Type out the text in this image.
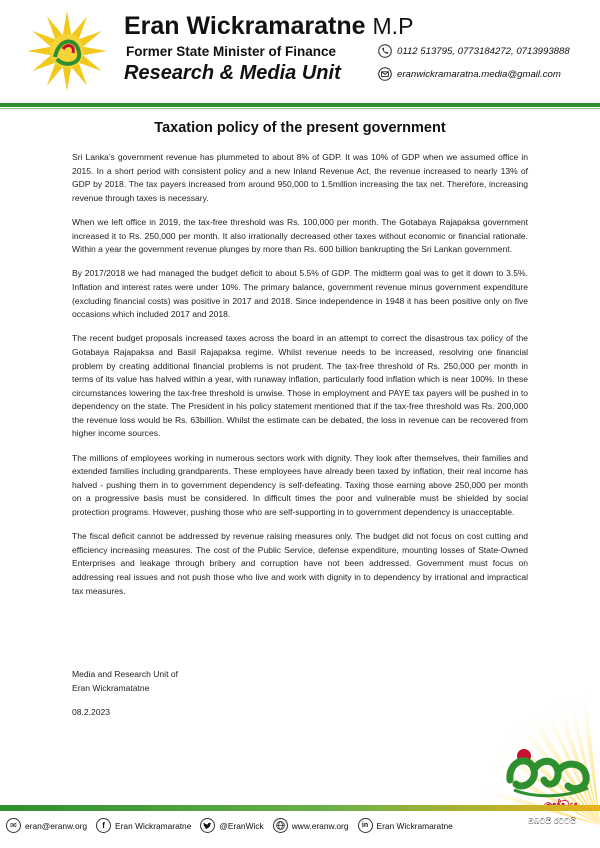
Eran Wickramaratne M.P
Former State Minister of Finance
Research & Media Unit
0112 513795, 0773184272, 0713993888
eranwickramaratna.media@gmail.com
Taxation policy of the present government

Sri Lanka’s government revenue has plummeted to about 8% of GDP. It was 10% of GDP when we assumed office in 2015. In a short period with consistent policy and a new Inland Revenue Act, the revenue increased to nearly 13% of GDP by 2018. The tax payers increased from around 950,000 to 1.5million increasing the tax net. Therefore, increasing revenue through taxes is necessary.

When we left office in 2019, the tax-free threshold was Rs. 100,000 per month. The Gotabaya Rajapaksa government increased it to Rs. 250,000 per month. It also irrationally decreased other taxes without economic or financial rationale. Within a year the government revenue plunges by more than Rs. 600 billion bankrupting the Sri Lankan government.

By 2017/2018 we had managed the budget deficit to about 5.5% of GDP. The midterm goal was to get it down to 3.5%. Inflation and interest rates were under 10%. The primary balance, government revenue minus government expenditure (excluding financial costs) was positive in 2017 and 2018. Since independence in 1948 it has been positive only on five occasions which included 2017 and 2018.

The recent budget proposals increased taxes across the board in an attempt to correct the disastrous tax policy of the Gotabaya Rajapaksa and Basil Rajapaksa regime. Whilst revenue needs to be increased, resolving one financial problem by creating additional financial problems is not prudent. The tax-free threshold of Rs. 250,000 per month in terms of its value has halved within a year, with runaway inflation, particularly food inflation which is near 100%. In these circumstances lowering the tax-free threshold is unwise. Those in employment and PAYE tax payers will be pushed in to dependency on the state. The President in his policy statement mentioned that if the tax-free threshold was Rs. 200,000 the revenue loss would be Rs. 63billion. Whilst the estimate can be debated, the loss in revenue can be recovered from higher income sources.

The millions of employees working in numerous sectors work with dignity. They look after themselves, their families and extended families including grandparents. These employees have already been taxed by inflation, their real income has halved - pushing them in to government dependency is self-defeating. Taxing those earning above 250,000 per month on a progressive basis must be considered. In difficult times the poor and vulnerable must be shielded by social protection programs. However, pushing those who are self-supporting in to government dependency is unacceptable.

The fiscal deficit cannot be addressed by revenue raising measures only. The budget did not focus on cost cutting and efficiency increasing measures. The cost of the Public Service, defense expenditure, mounting losses of State-Owned Enterprises and leakage through bribery and corruption have not been addressed. Government must focus on addressing real issues and not push those who live and work with dignity in to dependency by irrational and impractical tax measures.

Media and Research Unit of
Eran Wickramatatne
08.2.2023
ඔබටයි රටටයි
✉ eran@eranw.org	f	Eran Wickramaratne	@EranWick	www.eranw.org	in Eran Wickramaratne
